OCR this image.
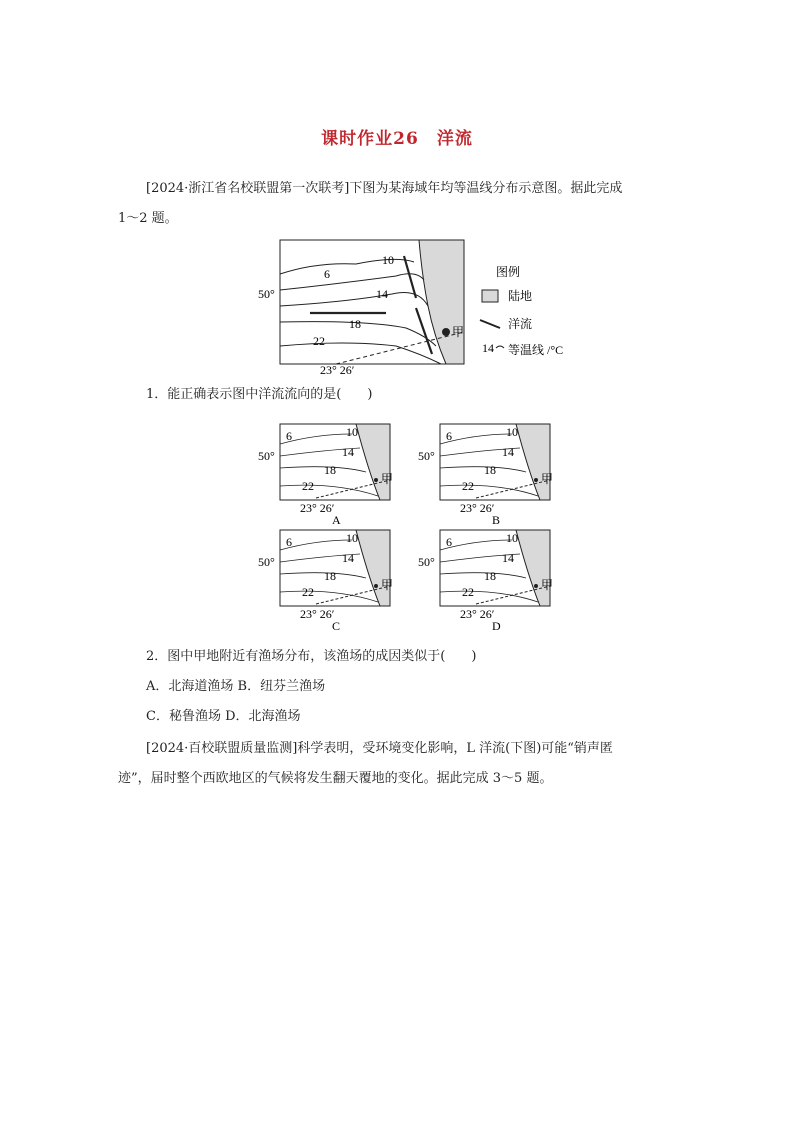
课时作业26　洋流
[2024·浙江省名校联盟第一次联考]下图为某海域年均等温线分布示意图。据此完成
1～2 题。
甲
6
10
14
18
22
50°
23° 26′
图例
陆地
洋流
14 等温线 /°C
1．能正确表示图中洋流流向的是(　　)
6	10
14
18
22
50°
甲
23° 26′
A
6	10
14
18
22
50°
甲
23° 26′
B
6	10
14
18
22
50°
甲
23° 26′
C
6	10
14
18
22
50°
甲
23° 26′
D
2．图中甲地附近有渔场分布，该渔场的成因类似于(　　)
A．北海道渔场 B．纽芬兰渔场
C．秘鲁渔场 D．北海渔场
[2024·百校联盟质量监测]科学表明，受环境变化影响，L 洋流(下图)可能“销声匿
迹”，届时整个西欧地区的气候将发生翻天覆地的变化。据此完成 3～5 题。
